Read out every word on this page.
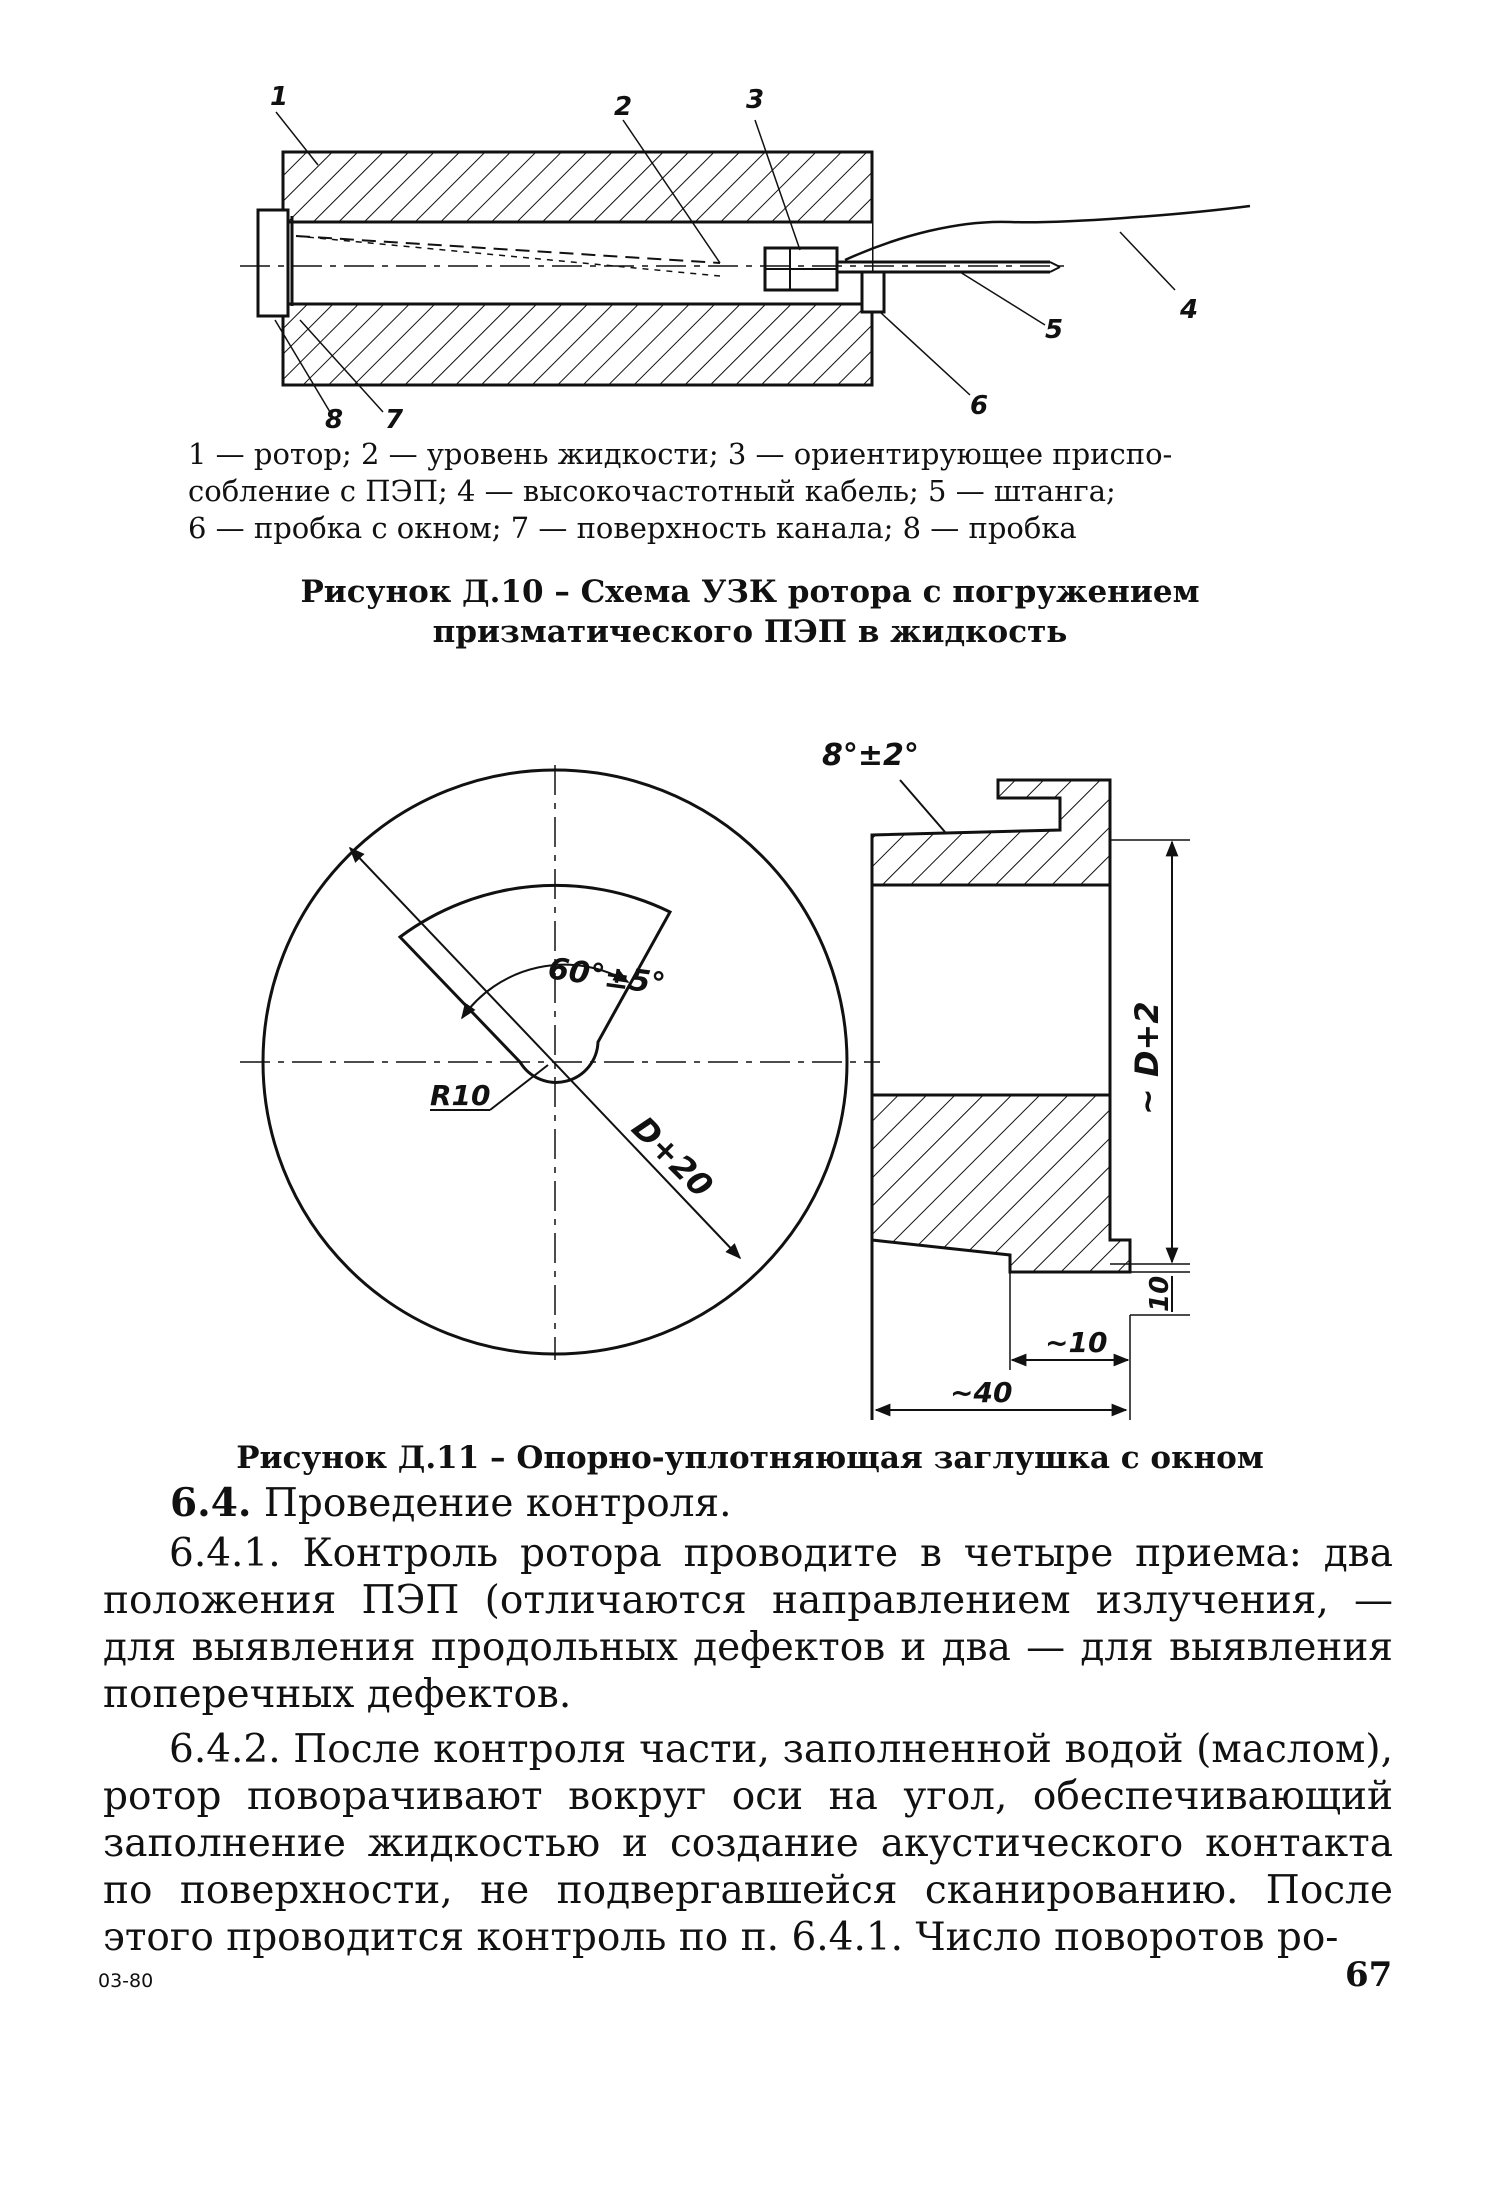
1	2	3
4
5
6
7
8
1 — ротор; 2 — уровень жидкости; 3 — ориентирующее приспо-
собление с ПЭП; 4 — высокочастотный кабель; 5 — штанга;
6 — пробка с окном; 7 — поверхность канала; 8 — пробка
Рисунок Д.10 – Схема УЗК ротора с погружением
призматического ПЭП в жидкость
8°±2°
60°±5°
R10
D+20
~ D+2
10
~10
~40
Рисунок Д.11 – Опорно-уплотняющая заглушка с окном
6.4. Проведение контроля.

6.4.1. Контроль ротора проводите в четыре приема: два положения ПЭП (отличаются направлением излучения, — для выявления продольных дефектов и два — для выявления поперечных дефектов.

6.4.2. После контроля части, заполненной водой (маслом), ротор поворачивают вокруг оси на угол, обеспечивающий заполнение жидкостью и создание акустического контакта по поверхности, не подвергавшейся сканированию. После этого проводится контроль по п. 6.4.1. Число поворотов ро-

03-80	67
